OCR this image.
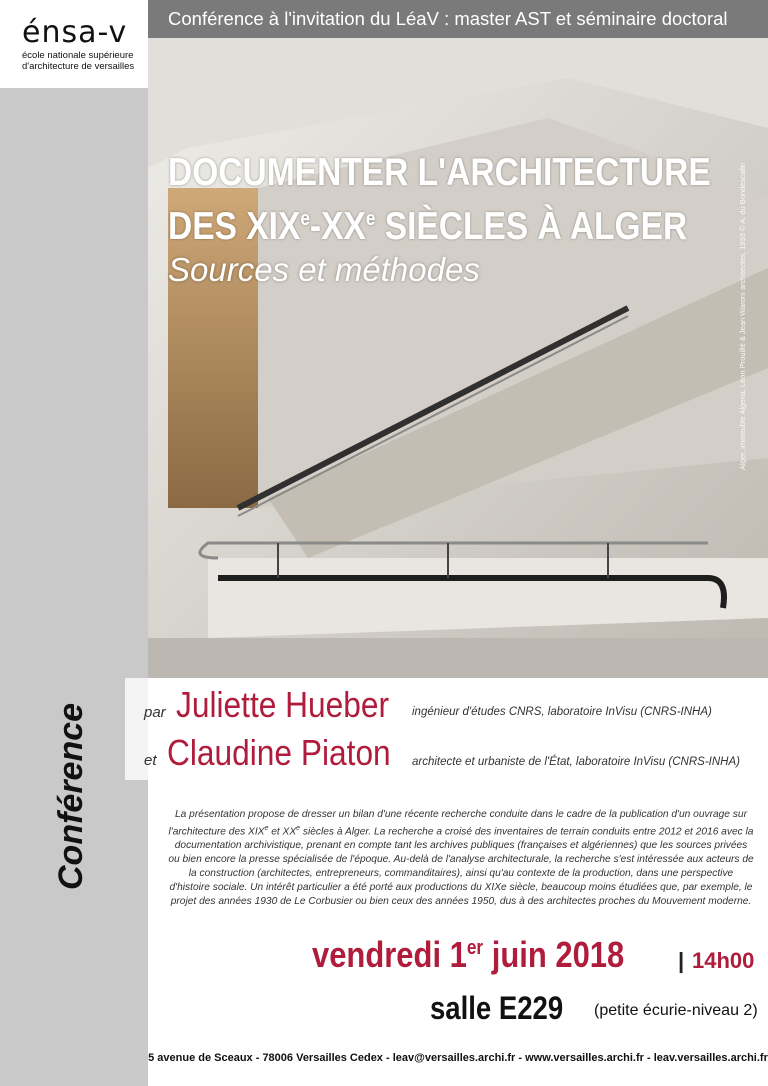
énsa-v
école nationale supérieure
d'architecture de versailles
Conférence à l'invitation du LéaV : master AST et séminaire doctoral
DOCUMENTER L'ARCHITECTURE
DES XIXe-XXe SIÈCLES À ALGER
Sources et méthodes	Alger, immeuble Algeria, Léon Prouillé & Jean Waroni architectes, 1933 © A. du Bondescafin
par Juliette Hueber	ingénieur d'études CNRS, laboratoire InVisu (CNRS-INHA)
et Claudine Piaton	architecte et urbaniste de l'État, laboratoire InVisu (CNRS-INHA)
Conférence	La présentation propose de dresser un bilan d'une récente recherche conduite dans le cadre de la publication d'un ouvrage sur l'architecture des XIXe et XXe siècles à Alger. La recherche a croisé des inventaires de terrain conduits entre 2012 et 2016 avec la documentation archivistique, prenant en compte tant les archives publiques (françaises et algériennes) que les sources privées ou bien encore la presse spécialisée de l'époque. Au-delà de l'analyse architecturale, la recherche s'est intéressée aux acteurs de la construction (architectes, entrepreneurs, commanditaires), ainsi qu'au contexte de la production, dans une perspective d'histoire sociale. Un intérêt particulier a été porté aux productions du XIXe siècle, beaucoup moins étudiées que, par exemple, le projet des années 1930 de Le Corbusier ou bien ceux des années 1950, dus à des architectes proches du Mouvement moderne.
vendredi 1er juin 2018 | 14h00
salle E229 (petite écurie-niveau 2)
5 avenue de Sceaux - 78006 Versailles Cedex - leav@versailles.archi.fr - www.versailles.archi.fr - leav.versailles.archi.fr
